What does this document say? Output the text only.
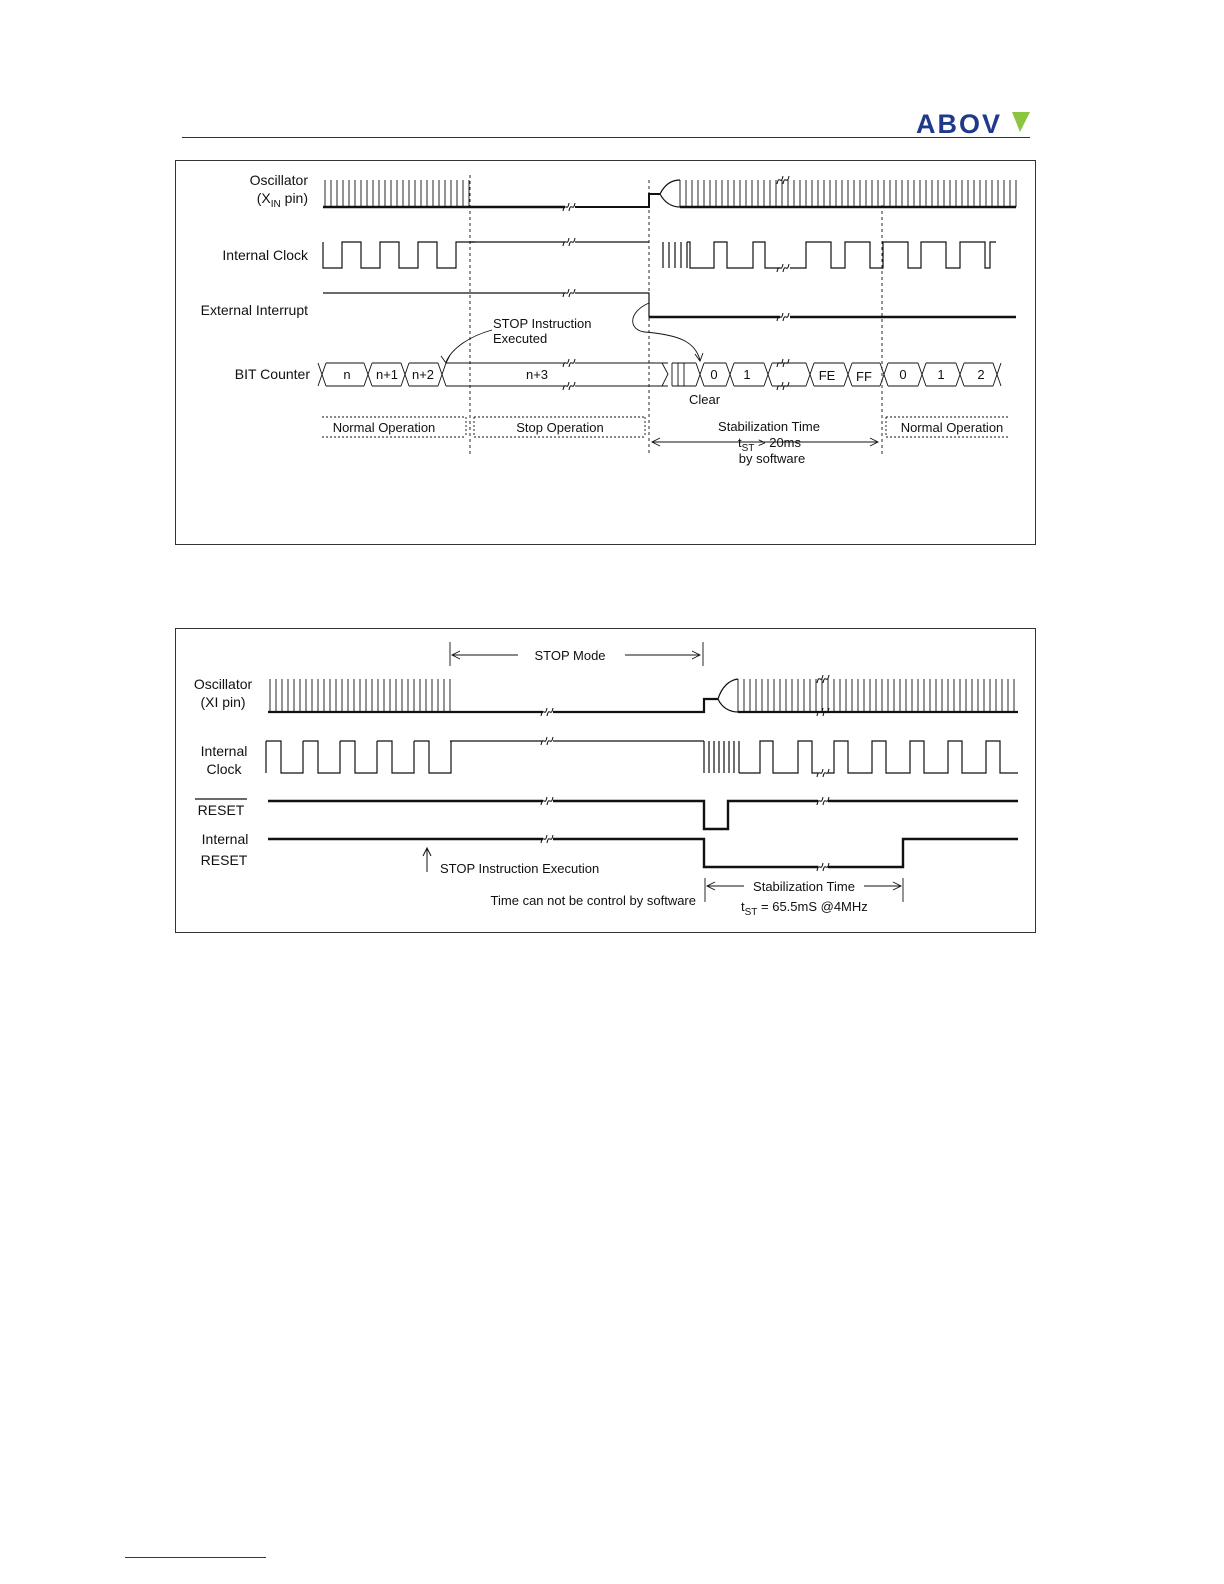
ABOV
Oscillator
($X_{IN}$ pin)
Internal Clock
External Interrupt
BIT Counter	n n+1 n+2	n+3	0 1	FE FF 0 1	2
STOP Instruction
Executed
Clear
Normal Operation	Stop Operation	Stabilization Time
$t_{ST} > 20ms$
by software
Normal Operation
Oscillator
(XI pin)
Internal
Clock
RESET
Internal
RESET
STOP Mode
STOP Instruction Execution
Time can not be control by software
Stabilization Time
$t_{ST} = 65.5mS$ @4MHz
